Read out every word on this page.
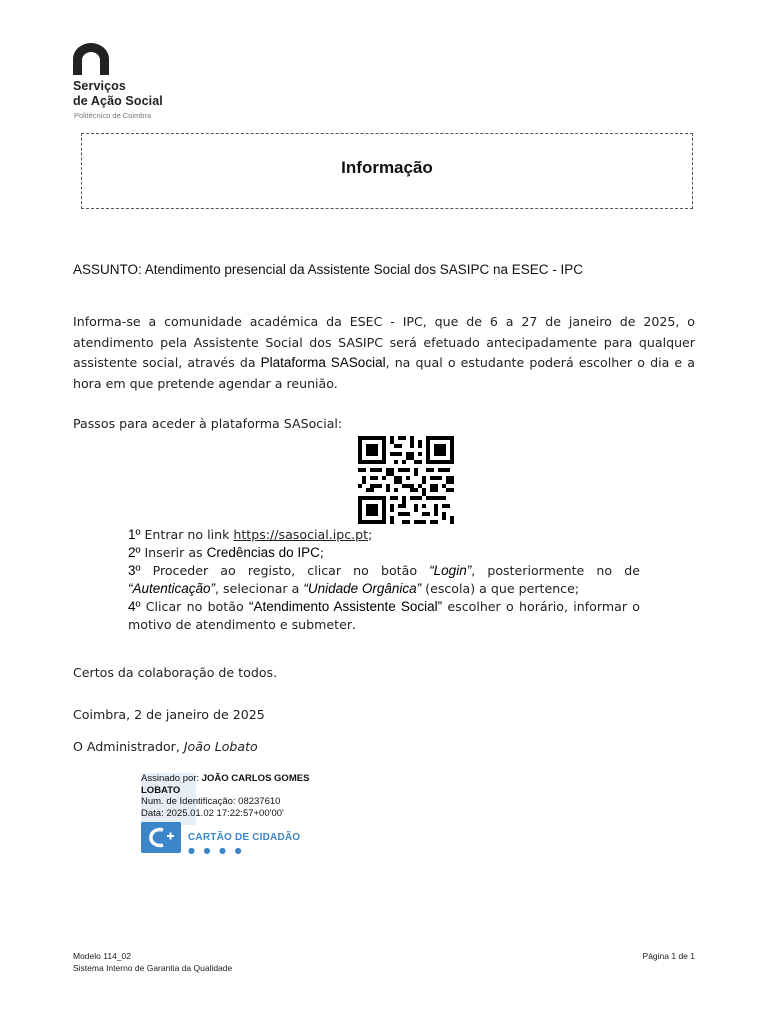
Serviços
de Ação Social
Politécnico de Coimbra
Informação
ASSUNTO: Atendimento presencial da Assistente Social dos SASIPC na ESEC - IPC
Informa-se a comunidade académica da ESEC - IPC, que de 6 a 27 de janeiro de 2025, o atendimento pela Assistente Social dos SASIPC será efetuado antecipadamente para qualquer assistente social, através da Plataforma SASocial, na qual o estudante poderá escolher o dia e a hora em que pretende agendar a reunião.
Passos para aceder à plataforma SASocial:
1º Entrar no link https://sasocial.ipc.pt;
2º Inserir as Credências do IPC;
3º Proceder ao registo, clicar no botão “Login”, posteriormente no de “Autenticação”, selecionar a “Unidade Orgânica” (escola) a que pertence;
4º Clicar no botão “Atendimento Assistente Social” escolher o horário, informar o motivo de atendimento e submeter.
Certos da colaboração de todos.
Coimbra, 2 de janeiro de 2025
O Administrador, João Lobato
Assinado por: JOÃO CARLOS GOMES
LOBATO
Num. de Identificação: 08237610
Data: 2025.01.02 17:22:57+00'00'
CARTÃO DE CIDADÃO
● ● ● ●
Modelo 114_02
Sistema Interno de Garantia da Qualidade
Página 1 de 1
